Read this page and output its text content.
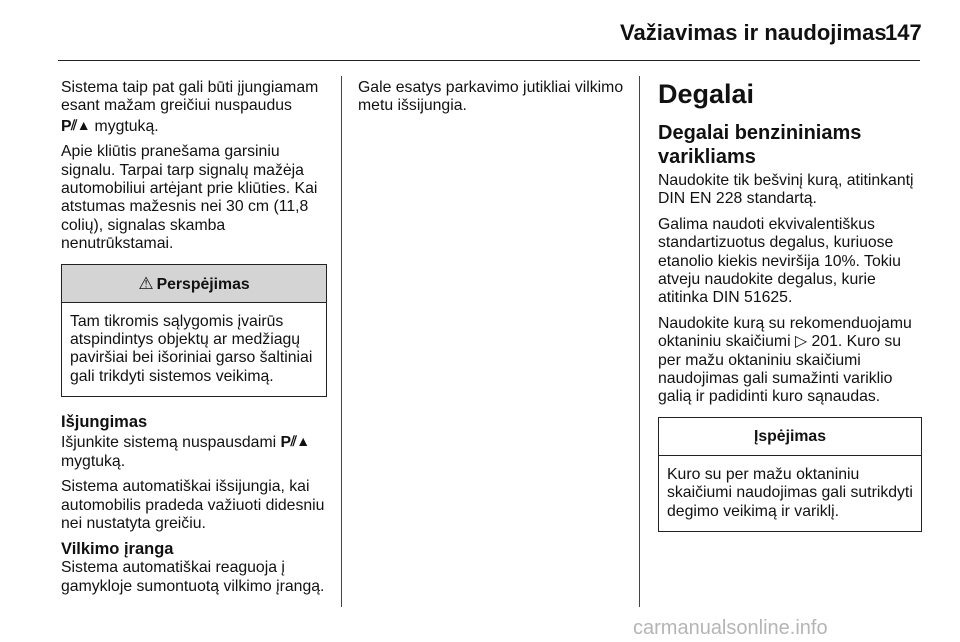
Važiavimas ir naudojimas
147

Sistema taip pat gali būti įjungiamam esant mažam greičiui nuspaudus
P⫽▲ mygtuką.

Apie kliūtis pranešama garsiniu signalu. Tarpai tarp signalų mažėja automobiliui artėjant prie kliūties. Kai atstumas mažesnis nei 30 cm (11,8 colių), signalas skamba nenutrūkstamai.

⚠ Perspėjimas
Tam tikromis sąlygomis įvairūs atspindintys objektų ar medžiagų paviršiai bei išoriniai garso šaltiniai gali trikdyti sistemos veikimą.
Išjungimas

Išjunkite sistemą nuspausdami P⫽▲
mygtuką.

Sistema automatiškai išsijungia, kai automobilis pradeda važiuoti didesniu nei nustatyta greičiu.

Vilkimo įranga

Sistema automatiškai reaguoja į gamykloje sumontuotą vilkimo įrangą.

Gale esatys parkavimo jutikliai vilkimo metu išsijungia.	Degalai
Degalai benzininiams varikliams

Naudokite tik bešvinį kurą, atitinkantį DIN EN 228 standartą.

Galima naudoti ekvivalentiškus standartizuotus degalus, kuriuose etanolio kiekis neviršija 10%. Tokiu atveju naudokite degalus, kurie atitinka DIN 51625.

Naudokite kurą su rekomenduojamu oktaniniu skaičiumi ▷ 201. Kuro su per mažu oktaniniu skaičiumi naudojimas gali sumažinti variklio galią ir padidinti kuro sąnaudas.

Įspėjimas
Kuro su per mažu oktaniniu skaičiumi naudojimas gali sutrikdyti degimo veikimą ir variklį.
carmanualsonline.info
